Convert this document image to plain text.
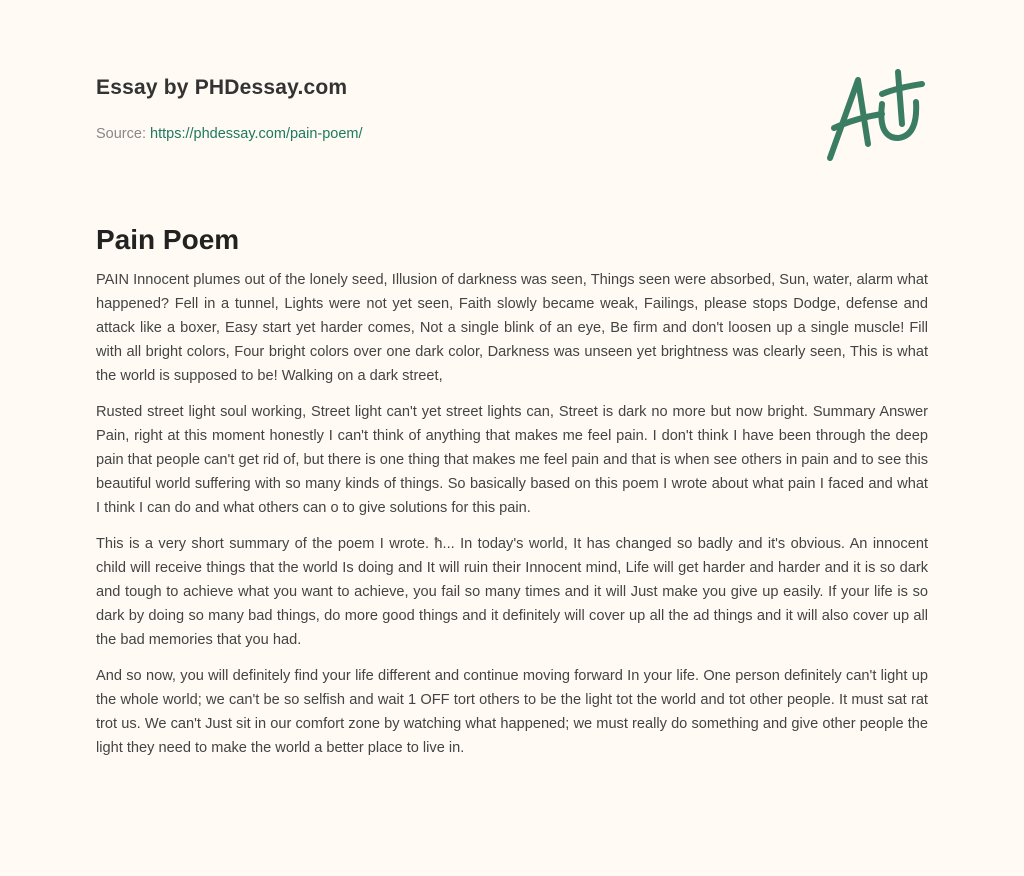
Essay by PHDessay.com

Source: https://phdessay.com/pain-poem/
Pain Poem

PAIN Innocent plumes out of the lonely seed, Illusion of darkness was seen, Things seen were absorbed, Sun, water, alarm what happened? Fell in a tunnel, Lights were not yet seen, Faith slowly became weak, Failings, please stops Dodge, defense and attack like a boxer, Easy start yet harder comes, Not a single blink of an eye, Be firm and don't loosen up a single muscle! Fill with all bright colors, Four bright colors over one dark color, Darkness was unseen yet brightness was clearly seen, This is what the world is supposed to be! Walking on a dark street,

Rusted street light soul working, Street light can't yet street lights can, Street is dark no more but now bright. Summary Answer Pain, right at this moment honestly I can't think of anything that makes me feel pain. I don't think I have been through the deep pain that people can't get rid of, but there is one thing that makes me feel pain and that is when see others in pain and to see this beautiful world suffering with so many kinds of things. So basically based on this poem I wrote about what pain I faced and what I think I can do and what others can o to give solutions for this pain.

This is a very short summary of the poem I wrote. ħ... In today's world, It has changed so badly and it's obvious. An innocent child will receive things that the world Is doing and It will ruin their Innocent mind, Life will get harder and harder and it is so dark and tough to achieve what you want to achieve, you fail so many times and it will Just make you give up easily. If your life is so dark by doing so many bad things, do more good things and it definitely will cover up all the ad things and it will also cover up all the bad memories that you had.

And so now, you will definitely find your life different and continue moving forward In your life. One person definitely can't light up the whole world; we can't be so selfish and wait 1 OFF tort others to be the light tot the world and tot other people. It must sat rat trot us. We can't Just sit in our comfort zone by watching what happened; we must really do something and give other people the light they need to make the world a better place to live in.
